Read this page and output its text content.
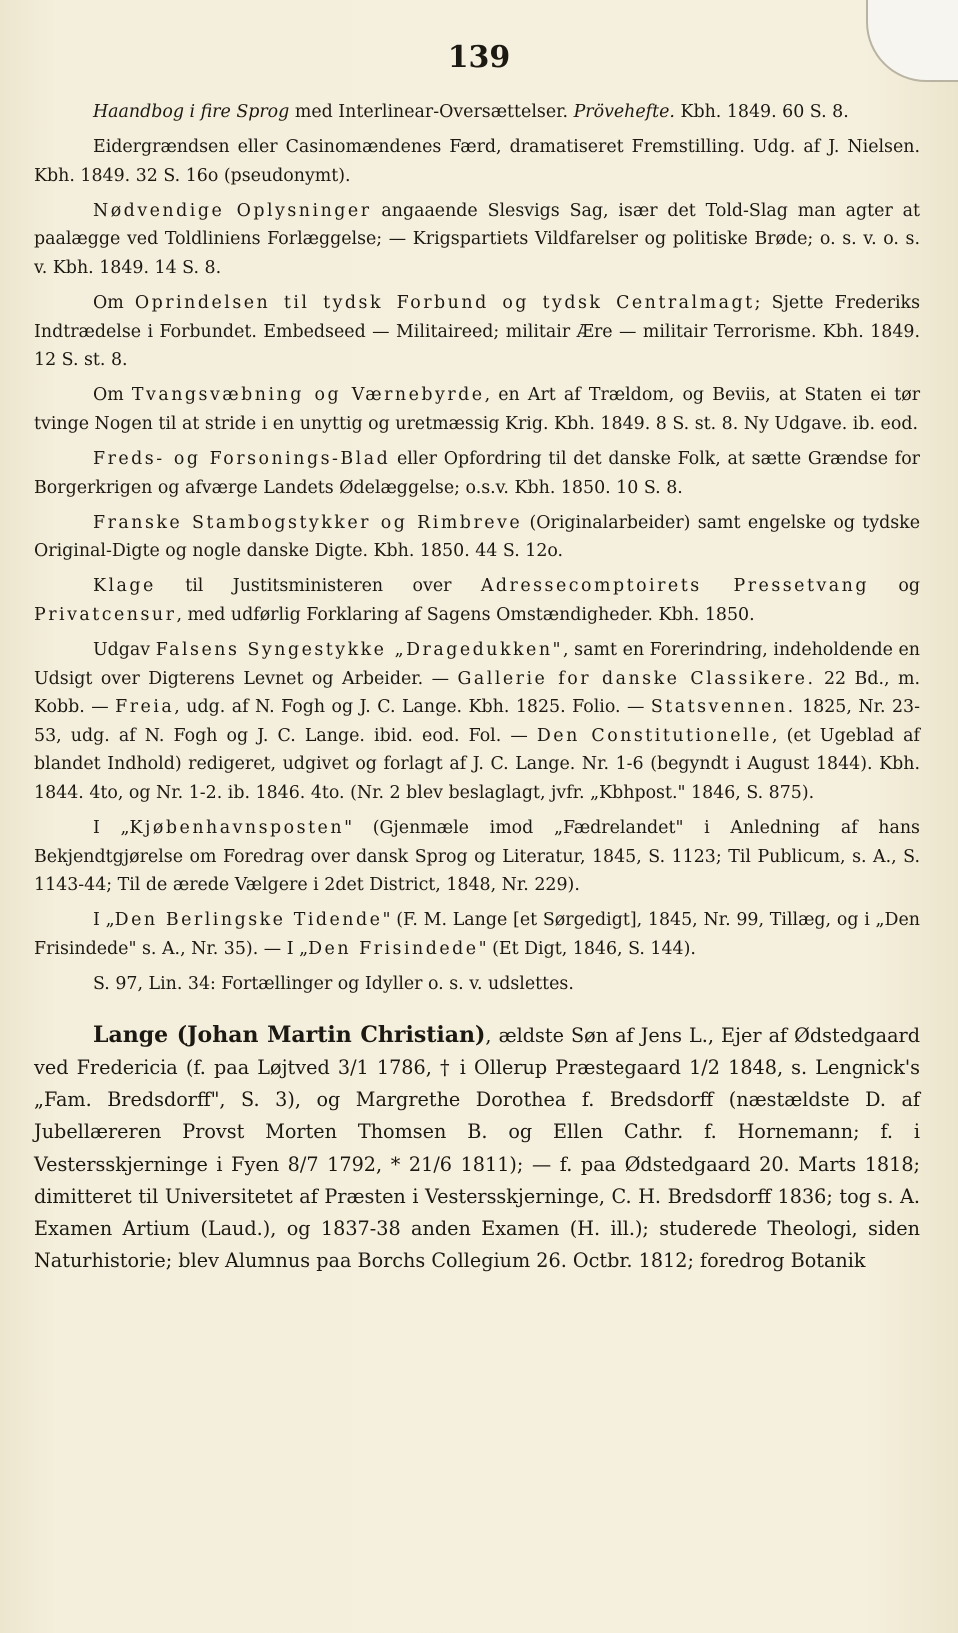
139

Haandbog i fire Sprog med Interlinear-Oversættelser. Prövehefte. Kbh. 1849. 60 S. 8.

Eidergrændsen eller Casinomændenes Færd, dramatiseret Fremstilling. Udg. af J. Nielsen. Kbh. 1849. 32 S. 16o (pseudonymt).

Nødvendige Oplysninger angaaende Slesvigs Sag, især det Told-Slag man agter at paalægge ved Toldliniens Forlæggelse; — Krigspartiets Vildfarelser og politiske Brøde; o. s. v. o. s. v. Kbh. 1849. 14 S. 8.

Om Oprindelsen til tydsk Forbund og tydsk Centralmagt; Sjette Frederiks Indtrædelse i Forbundet. Embedseed — Militaireed; militair Ære — militair Terrorisme. Kbh. 1849. 12 S. st. 8.

Om Tvangsvæbning og Værnebyrde, en Art af Trældom, og Beviis, at Staten ei tør tvinge Nogen til at stride i en unyttig og uretmæssig Krig. Kbh. 1849. 8 S. st. 8. Ny Udgave. ib. eod.

Freds- og Forsonings-Blad eller Opfordring til det danske Folk, at sætte Grændse for Borgerkrigen og afværge Landets Ødelæggelse; o.s.v. Kbh. 1850. 10 S. 8.

Franske Stambogstykker og Rimbreve (Originalarbeider) samt engelske og tydske Original-Digte og nogle danske Digte. Kbh. 1850. 44 S. 12o.

Klage til Justitsministeren over Adressecomptoirets Pressetvang og Privatcensur, med udførlig Forklaring af Sagens Omstændigheder. Kbh. 1850.

Udgav Falsens Syngestykke „Dragedukken", samt en Forerindring, indeholdende en Udsigt over Digterens Levnet og Arbeider. — Gallerie for danske Classikere. 22 Bd., m. Kobb. — Freia, udg. af N. Fogh og J. C. Lange. Kbh. 1825. Folio. — Statsvennen. 1825, Nr. 23-53, udg. af N. Fogh og J. C. Lange. ibid. eod. Fol. — Den Constitutionelle, (et Ugeblad af blandet Indhold) redigeret, udgivet og forlagt af J. C. Lange. Nr. 1-6 (begyndt i August 1844). Kbh. 1844. 4to, og Nr. 1-2. ib. 1846. 4to. (Nr. 2 blev beslaglagt, jvfr. „Kbhpost." 1846, S. 875).

I „Kjøbenhavnsposten" (Gjenmæle imod „Fædrelandet" i Anledning af hans Bekjendtgjørelse om Foredrag over dansk Sprog og Literatur, 1845, S. 1123; Til Publicum, s. A., S. 1143-44; Til de ærede Vælgere i 2det District, 1848, Nr. 229).

I „Den Berlingske Tidende" (F. M. Lange [et Sørgedigt], 1845, Nr. 99, Tillæg, og i „Den Frisindede" s. A., Nr. 35). — I „Den Frisindede" (Et Digt, 1846, S. 144).

S. 97, Lin. 34: Fortællinger og Idyller o. s. v. udslettes.

Lange (Johan Martin Christian), ældste Søn af Jens L., Ejer af Ødstedgaard ved Fredericia (f. paa Løjtved 3/1 1786, † i Ollerup Præstegaard 1/2 1848, s. Lengnick's „Fam. Bredsdorff", S. 3), og Margrethe Dorothea f. Bredsdorff (næstældste D. af Jubellæreren Provst Morten Thomsen B. og Ellen Cathr. f. Hornemann; f. i Vestersskjerninge i Fyen 8/7 1792, * 21/6 1811); — f. paa Ødstedgaard 20. Marts 1818; dimitteret til Universitetet af Præsten i Vestersskjerninge, C. H. Bredsdorff 1836; tog s. A. Examen Artium (Laud.), og 1837-38 anden Examen (H. ill.); studerede Theologi, siden Naturhistorie; blev Alumnus paa Borchs Collegium 26. Octbr. 1812; foredrog Botanik
